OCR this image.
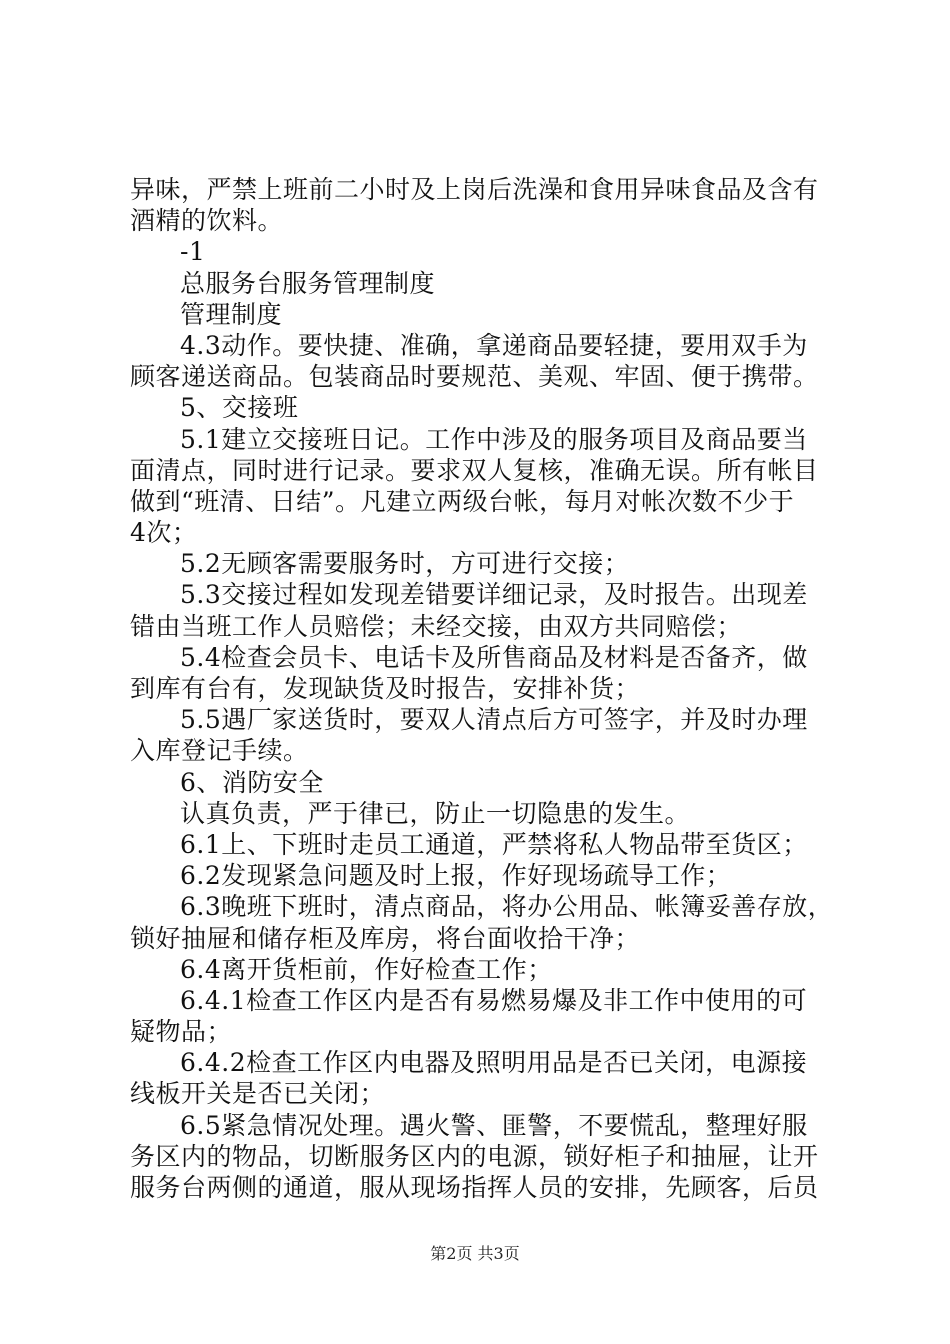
异味，严禁上班前二小时及上岗后洗澡和食用异味食品及含有
酒精的饮料。
-1
总服务台服务管理制度
管理制度
4.3动作。要快捷、准确，拿递商品要轻捷，要用双手为
顾客递送商品。包装商品时要规范、美观、牢固、便于携带。
5、交接班
5.1建立交接班日记。工作中涉及的服务项目及商品要当
面清点，同时进行记录。要求双人复核，准确无误。所有帐目
做到“班清、日结”。凡建立两级台帐，每月对帐次数不少于
4次；
5.2无顾客需要服务时，方可进行交接；
5.3交接过程如发现差错要详细记录，及时报告。出现差
错由当班工作人员赔偿；未经交接，由双方共同赔偿；
5.4检查会员卡、电话卡及所售商品及材料是否备齐，做
到库有台有，发现缺货及时报告，安排补货；
5.5遇厂家送货时，要双人清点后方可签字，并及时办理
入库登记手续。
6、消防安全
认真负责，严于律已，防止一切隐患的发生。
6.1上、下班时走员工通道，严禁将私人物品带至货区；
6.2发现紧急问题及时上报，作好现场疏导工作；
6.3晚班下班时，清点商品，将办公用品、帐簿妥善存放，
锁好抽屉和储存柜及库房，将台面收拾干净；
6.4离开货柜前，作好检查工作；
6.4.1检查工作区内是否有易燃易爆及非工作中使用的可
疑物品；
6.4.2检查工作区内电器及照明用品是否已关闭，电源接
线板开关是否已关闭；
6.5紧急情况处理。遇火警、匪警，不要慌乱，整理好服
务区内的物品，切断服务区内的电源，锁好柜子和抽屉，让开
服务台两侧的通道，服从现场指挥人员的安排，先顾客，后员
第2页 共3页
